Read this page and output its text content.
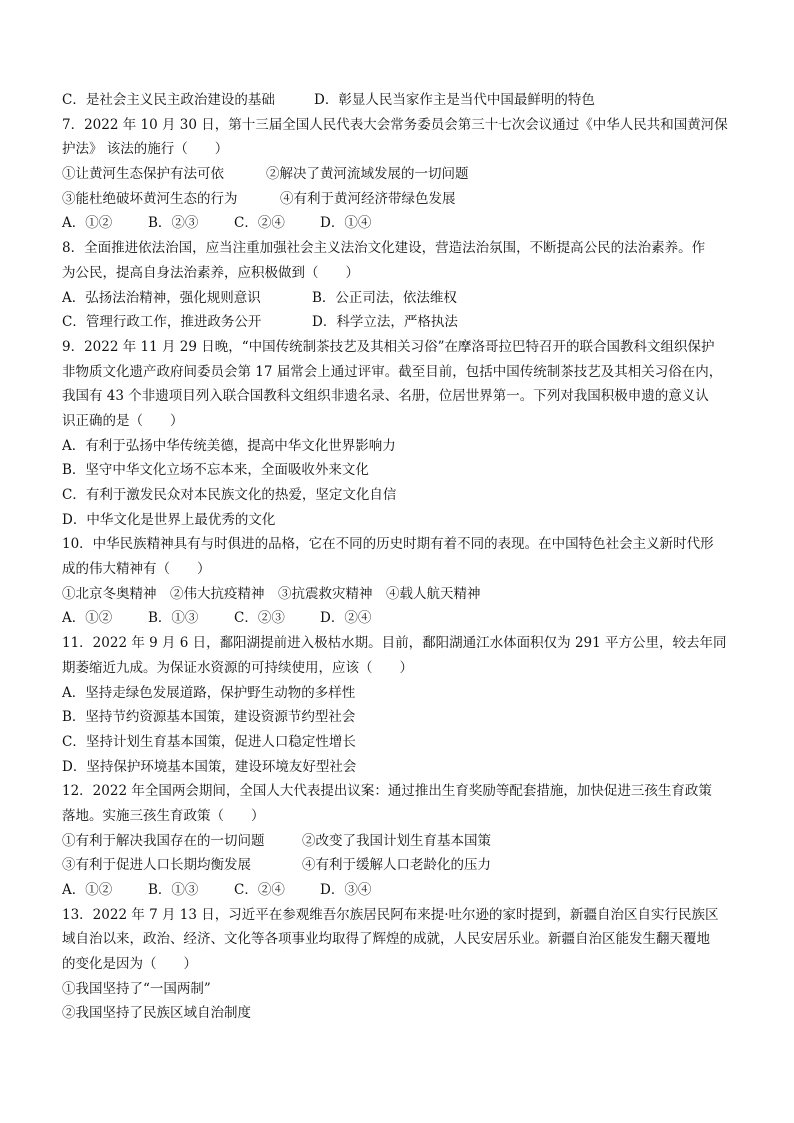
C．是社会主义民主政治建设的基础	D．彰显人民当家作主是当代中国最鲜明的特色
7．2022 年 10 月 30 日，第十三届全国人民代表大会常务委员会第三十七次会议通过《中华人民共和国黄河保
护法》 该法的施行（　　）
①让黄河生态保护有法可依	②解决了黄河流域发展的一切问题
③能杜绝破坏黄河生态的行为	④有利于黄河经济带绿色发展
A．①②	B．②③	C．②④	D．①④
8．全面推进依法治国，应当注重加强社会主义法治文化建设，营造法治氛围，不断提高公民的法治素养。作
为公民，提高自身法治素养，应积极做到（　　）
A．弘扬法治精神，强化规则意识	B．公正司法，依法维权
C．管理行政工作，推进政务公开	D．科学立法，严格执法
9．2022 年 11 月 29 日晚，“中国传统制茶技艺及其相关习俗”在摩洛哥拉巴特召开的联合国教科文组织保护
非物质文化遗产政府间委员会第 17 届常会上通过评审。截至目前，包括中国传统制茶技艺及其相关习俗在内，
我国有 43 个非遗项目列入联合国教科文组织非遗名录、名册，位居世界第一。下列对我国积极申遗的意义认
识正确的是（　　）
A．有利于弘扬中华传统美德，提高中华文化世界影响力
B．坚守中华文化立场不忘本来，全面吸收外来文化
C．有利于激发民众对本民族文化的热爱，坚定文化自信
D．中华文化是世界上最优秀的文化
10．中华民族精神具有与时俱进的品格，它在不同的历史时期有着不同的表现。在中国特色社会主义新时代形
成的伟大精神有（　　）
①北京冬奥精神　②伟大抗疫精神　③抗震救灾精神　④载人航天精神
A．①②	B．①③	C．②③	D．②④
11．2022 年 9 月 6 日，鄱阳湖提前进入极枯水期。目前，鄱阳湖通江水体面积仅为 291 平方公里，较去年同
期萎缩近九成。为保证水资源的可持续使用，应该（　　）
A．坚持走绿色发展道路，保护野生动物的多样性
B．坚持节约资源基本国策，建设资源节约型社会
C．坚持计划生育基本国策，促进人口稳定性增长
D．坚持保护环境基本国策，建设环境友好型社会
12．2022 年全国两会期间，全国人大代表提出议案：通过推出生育奖励等配套措施，加快促进三孩生育政策
落地。实施三孩生育政策（　　）
①有利于解决我国存在的一切问题	②改变了我国计划生育基本国策
③有利于促进人口长期均衡发展	④有利于缓解人口老龄化的压力
A．①②	B．①③	C．②④	D．③④
13．2022 年 7 月 13 日，习近平在参观维吾尔族居民阿布来提·吐尔逊的家时提到，新疆自治区自实行民族区
域自治以来，政治、经济、文化等各项事业均取得了辉煌的成就，人民安居乐业。新疆自治区能发生翻天覆地
的变化是因为（　　）
①我国坚持了“一国两制”
②我国坚持了民族区域自治制度
